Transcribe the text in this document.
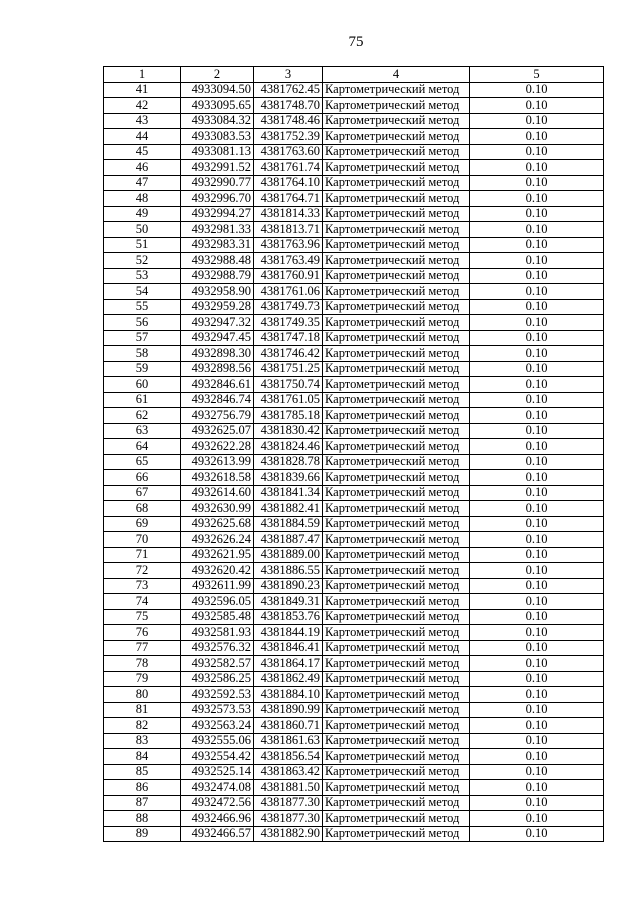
75
1	2	3	4	5
41	4933094.50	4381762.45	Картометрический метод	0.10
42	4933095.65	4381748.70	Картометрический метод	0.10
43	4933084.32	4381748.46	Картометрический метод	0.10
44	4933083.53	4381752.39	Картометрический метод	0.10
45	4933081.13	4381763.60	Картометрический метод	0.10
46	4932991.52	4381761.74	Картометрический метод	0.10
47	4932990.77	4381764.10	Картометрический метод	0.10
48	4932996.70	4381764.71	Картометрический метод	0.10
49	4932994.27	4381814.33	Картометрический метод	0.10
50	4932981.33	4381813.71	Картометрический метод	0.10
51	4932983.31	4381763.96	Картометрический метод	0.10
52	4932988.48	4381763.49	Картометрический метод	0.10
53	4932988.79	4381760.91	Картометрический метод	0.10
54	4932958.90	4381761.06	Картометрический метод	0.10
55	4932959.28	4381749.73	Картометрический метод	0.10
56	4932947.32	4381749.35	Картометрический метод	0.10
57	4932947.45	4381747.18	Картометрический метод	0.10
58	4932898.30	4381746.42	Картометрический метод	0.10
59	4932898.56	4381751.25	Картометрический метод	0.10
60	4932846.61	4381750.74	Картометрический метод	0.10
61	4932846.74	4381761.05	Картометрический метод	0.10
62	4932756.79	4381785.18	Картометрический метод	0.10
63	4932625.07	4381830.42	Картометрический метод	0.10
64	4932622.28	4381824.46	Картометрический метод	0.10
65	4932613.99	4381828.78	Картометрический метод	0.10
66	4932618.58	4381839.66	Картометрический метод	0.10
67	4932614.60	4381841.34	Картометрический метод	0.10
68	4932630.99	4381882.41	Картометрический метод	0.10
69	4932625.68	4381884.59	Картометрический метод	0.10
70	4932626.24	4381887.47	Картометрический метод	0.10
71	4932621.95	4381889.00	Картометрический метод	0.10
72	4932620.42	4381886.55	Картометрический метод	0.10
73	4932611.99	4381890.23	Картометрический метод	0.10
74	4932596.05	4381849.31	Картометрический метод	0.10
75	4932585.48	4381853.76	Картометрический метод	0.10
76	4932581.93	4381844.19	Картометрический метод	0.10
77	4932576.32	4381846.41	Картометрический метод	0.10
78	4932582.57	4381864.17	Картометрический метод	0.10
79	4932586.25	4381862.49	Картометрический метод	0.10
80	4932592.53	4381884.10	Картометрический метод	0.10
81	4932573.53	4381890.99	Картометрический метод	0.10
82	4932563.24	4381860.71	Картометрический метод	0.10
83	4932555.06	4381861.63	Картометрический метод	0.10
84	4932554.42	4381856.54	Картометрический метод	0.10
85	4932525.14	4381863.42	Картометрический метод	0.10
86	4932474.08	4381881.50	Картометрический метод	0.10
87	4932472.56	4381877.30	Картометрический метод	0.10
88	4932466.96	4381877.30	Картометрический метод	0.10
89	4932466.57	4381882.90	Картометрический метод	0.10
